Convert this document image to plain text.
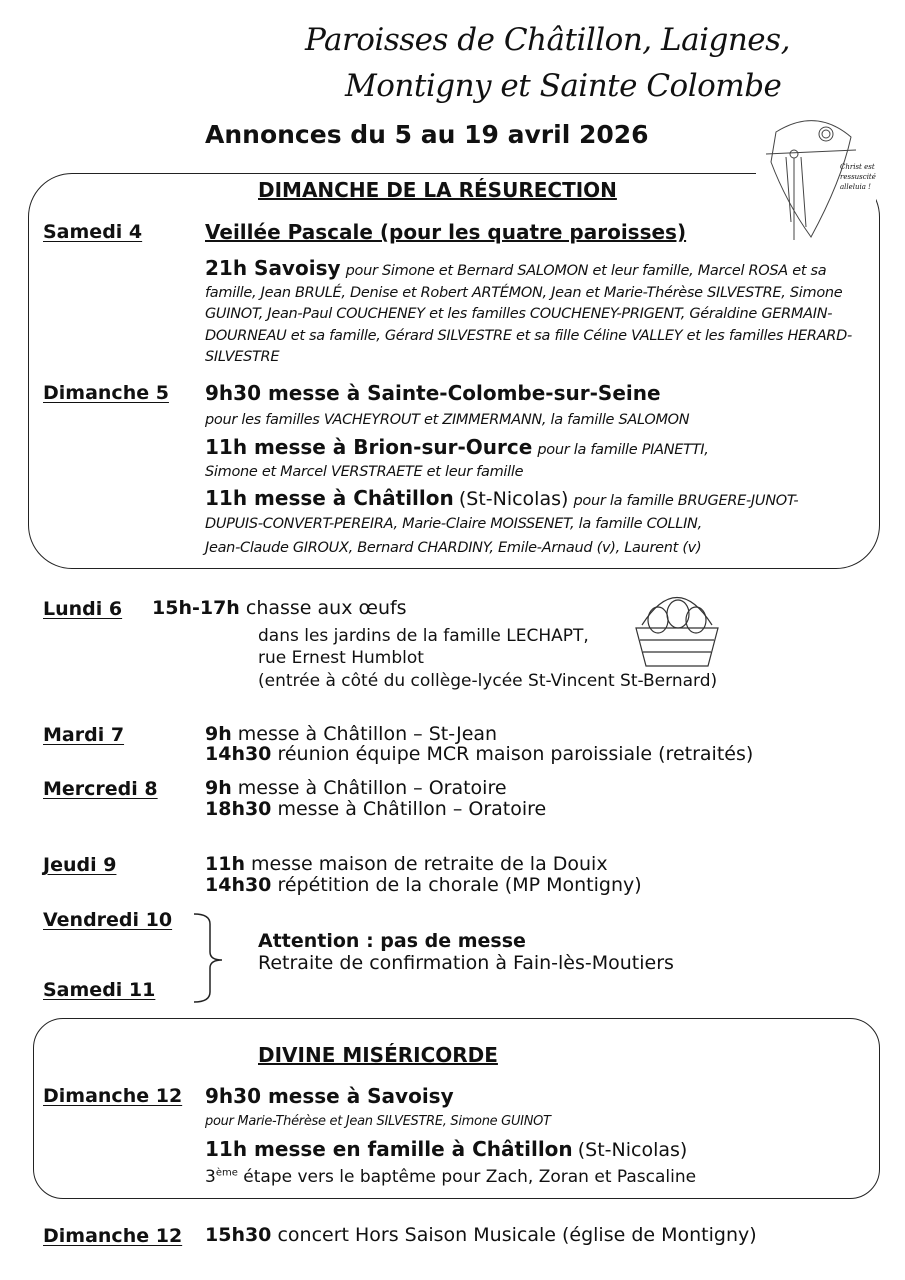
Paroisses de Châtillon, Laignes,
Montigny et Sainte Colombe
Annonces du 5 au 19 avril 2026
Christ est ressuscité alleluia !
DIMANCHE DE LA RÉSURECTION
Samedi 4	Veillée Pascale (pour les quatre paroisses)
21h Savoisy pour Simone et Bernard SALOMON et leur famille, Marcel ROSA et sa famille, Jean BRULÉ, Denise et Robert ARTÉMON, Jean et Marie-Thérèse SILVESTRE, Simone GUINOT, Jean-Paul COUCHENEY et les familles COUCHENEY-PRIGENT, Géraldine GERMAIN-DOURNEAU et sa famille, Gérard SILVESTRE et sa fille Céline VALLEY et les familles HERARD-SILVESTRE
Dimanche 5 9h30 messe à Sainte-Colombe-sur-Seine
pour les familles VACHEYROUT et ZIMMERMANN, la famille SALOMON
11h messe à Brion-sur-Ource pour la famille PIANETTI,
Simone et Marcel VERSTRAETE et leur famille
11h messe à Châtillon (St-Nicolas) pour la famille BRUGERE-JUNOT-
DUPUIS-CONVERT-PEREIRA, Marie-Claire MOISSENET, la famille COLLIN,
Jean-Claude GIROUX, Bernard CHARDINY, Emile-Arnaud (v), Laurent (v)
Lundi 6 15h-17h chasse aux œufs
dans les jardins de la famille LECHAPT,
rue Ernest Humblot
(entrée à côté du collège-lycée St-Vincent St-Bernard)
Mardi 7	9h messe à Châtillon – St-Jean
14h30 réunion équipe MCR maison paroissiale (retraités)
Mercredi 8 9h messe à Châtillon – Oratoire
18h30 messe à Châtillon – Oratoire
Jeudi 9	11h messe maison de retraite de la Douix
14h30 répétition de la chorale (MP Montigny)
Vendredi 10
Samedi 11
Attention : pas de messe
Retraite de confirmation à Fain-lès-Moutiers
DIVINE MISÉRICORDE
Dimanche 12 9h30 messe à Savoisy
pour Marie-Thérèse et Jean SILVESTRE, Simone GUINOT
11h messe en famille à Châtillon (St-Nicolas)
3ème étape vers le baptême pour Zach, Zoran et Pascaline
Dimanche 12 15h30 concert Hors Saison Musicale (église de Montigny)
